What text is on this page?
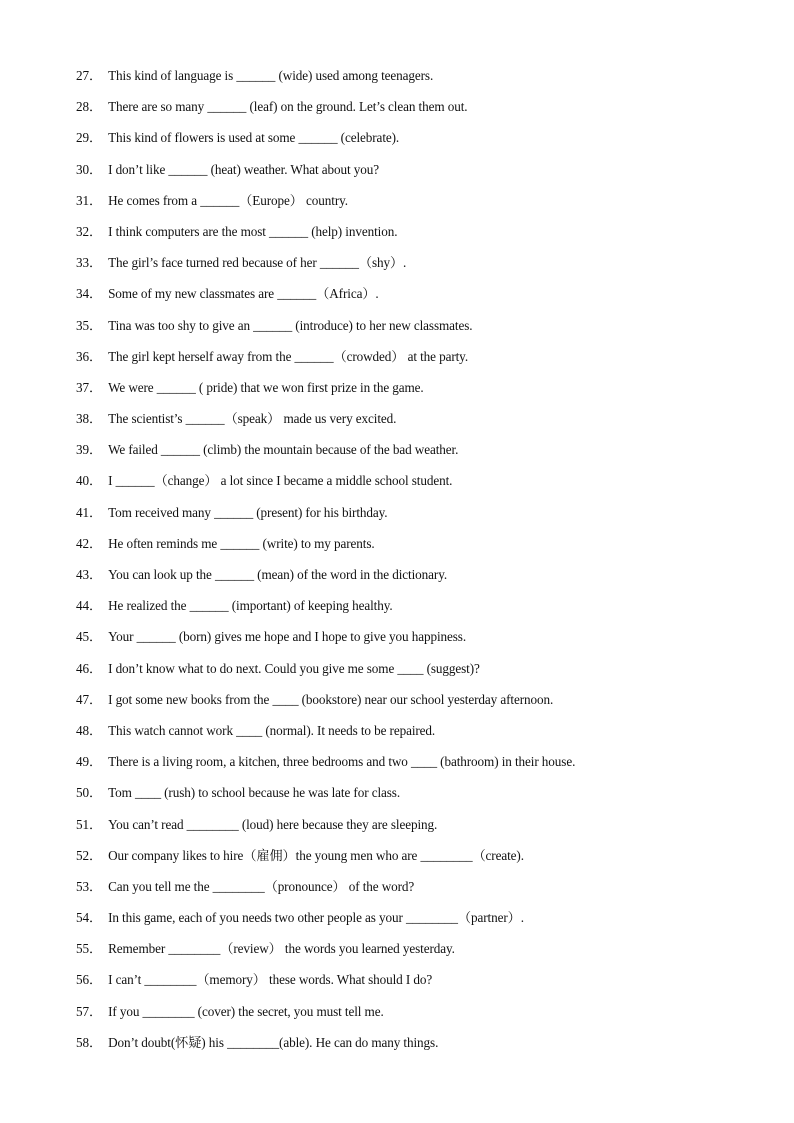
27． This kind of language is ______ (wide) used among teenagers.
28． There are so many ______ (leaf) on the ground. Let’s clean them out.
29． This kind of flowers is used at some ______ (celebrate).
30． I don’t like ______ (heat) weather. What about you?
31． He comes from a ______（Europe） country.
32． I think computers are the most ______ (help) invention.
33． The girl’s face turned red because of her ______（shy）.
34． Some of my new classmates are ______（Africa）.
35． Tina was too shy to give an ______ (introduce) to her new classmates.
36． The girl kept herself away from the ______（crowded） at the party.
37． We were ______ ( pride) that we won first prize in the game.
38． The scientist’s ______（speak） made us very excited.
39． We failed ______ (climb) the mountain because of the bad weather.
40． I ______（change） a lot since I became a middle school student.
41． Tom received many ______ (present) for his birthday.
42． He often reminds me ______ (write) to my parents.
43． You can look up the ______ (mean) of the word in the dictionary.
44． He realized the ______ (important) of keeping healthy.
45． Your ______ (born) gives me hope and I hope to give you happiness.
46． I don’t know what to do next. Could you give me some ____ (suggest)?
47． I got some new books from the ____ (bookstore) near our school yesterday afternoon.
48． This watch cannot work ____ (normal). It needs to be repaired.
49． There is a living room, a kitchen, three bedrooms and two ____ (bathroom) in their house.
50． Tom ____ (rush) to school because he was late for class.
51． You can’t read ________ (loud) here because they are sleeping.
52． Our company likes to hire（雇佣）the young men who are ________（create).
53． Can you tell me the ________（pronounce） of the word?
54． In this game, each of you needs two other people as your ________（partner）.
55． Remember ________（review） the words you learned yesterday.
56． I can’t ________（memory） these words. What should I do?
57． If you ________ (cover) the secret, you must tell me.
58． Don’t doubt(怀疑) his ________(able). He can do many things.
